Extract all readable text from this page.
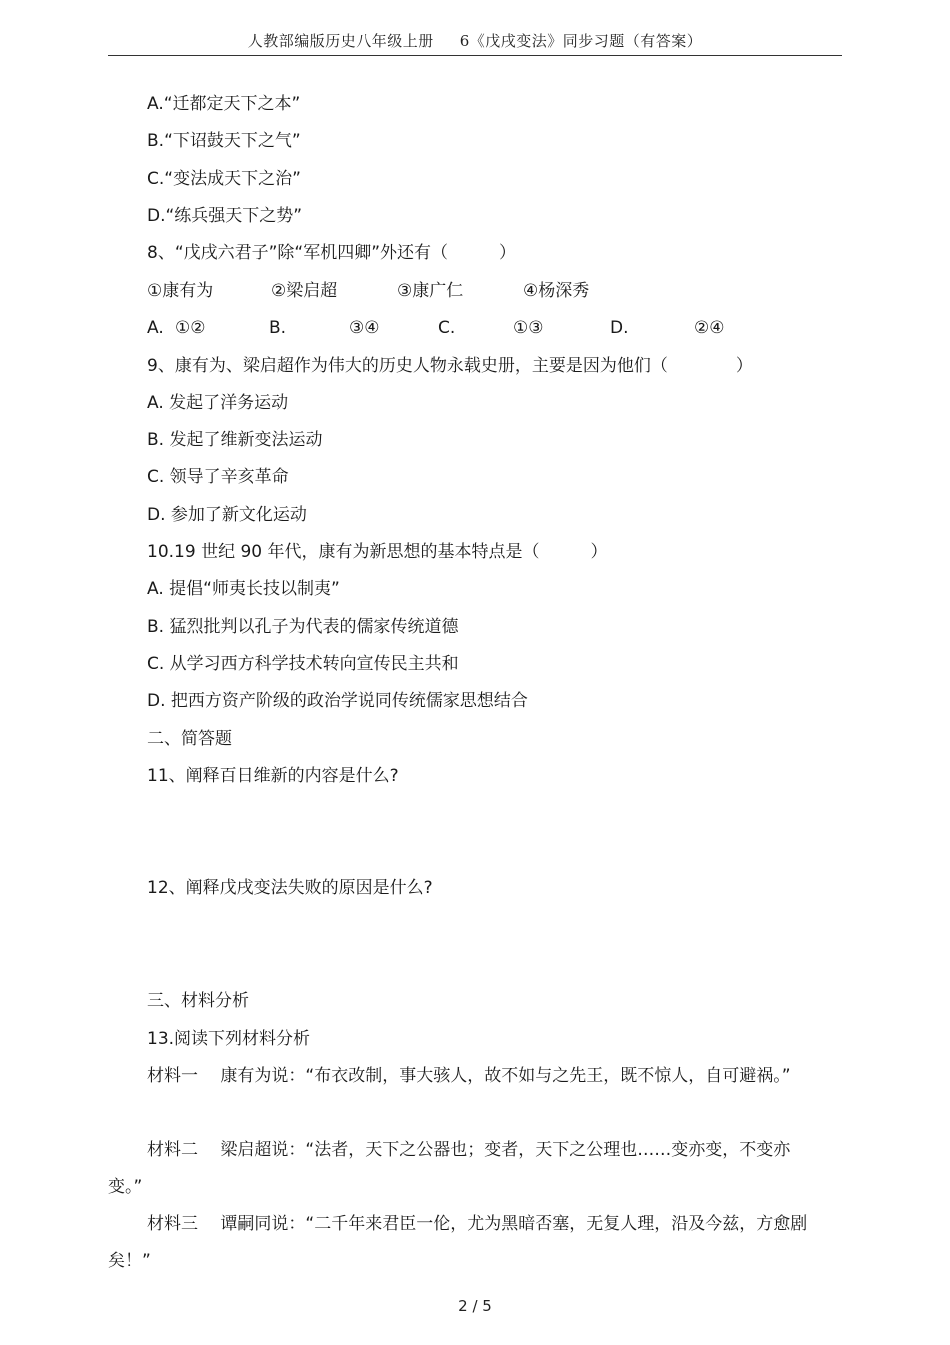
人教部编版历史八年级上册 6《戊戌变法》同步习题（有答案）
A.“迁都定天下之本”
B.“下诏鼓天下之气”
C.“变法成天下之治”
D.“练兵强天下之势”
8、“戊戌六君子”除“军机四卿”外还有（　　　）
①康有为	②梁启超	③康广仁	④杨深秀
A. ①②	B.	③④	C.	①③	D.	②④
9、康有为、梁启超作为伟大的历史人物永载史册，主要是因为他们（　　　　）
A. 发起了洋务运动
B. 发起了维新变法运动
C. 领导了辛亥革命
D. 参加了新文化运动
10.19 世纪 90 年代，康有为新思想的基本特点是（　　　）
A. 提倡“师夷长技以制夷”
B. 猛烈批判以孔子为代表的儒家传统道德
C. 从学习西方科学技术转向宣传民主共和
D. 把西方资产阶级的政治学说同传统儒家思想结合
二、简答题
11、阐释百日维新的内容是什么?
12、阐释戊戌变法失败的原因是什么?
三、材料分析
13.阅读下列材料分析
材料一　 康有为说：“布衣改制，事大骇人，故不如与之先王，既不惊人，自可避祸。”
材料二　 梁启超说：“法者，天下之公器也；变者，天下之公理也……变亦变，不变亦变。”
材料三　 谭嗣同说：“二千年来君臣一伦，尤为黑暗否塞，无复人理，沿及今兹，方愈剧矣！”
2 / 5
